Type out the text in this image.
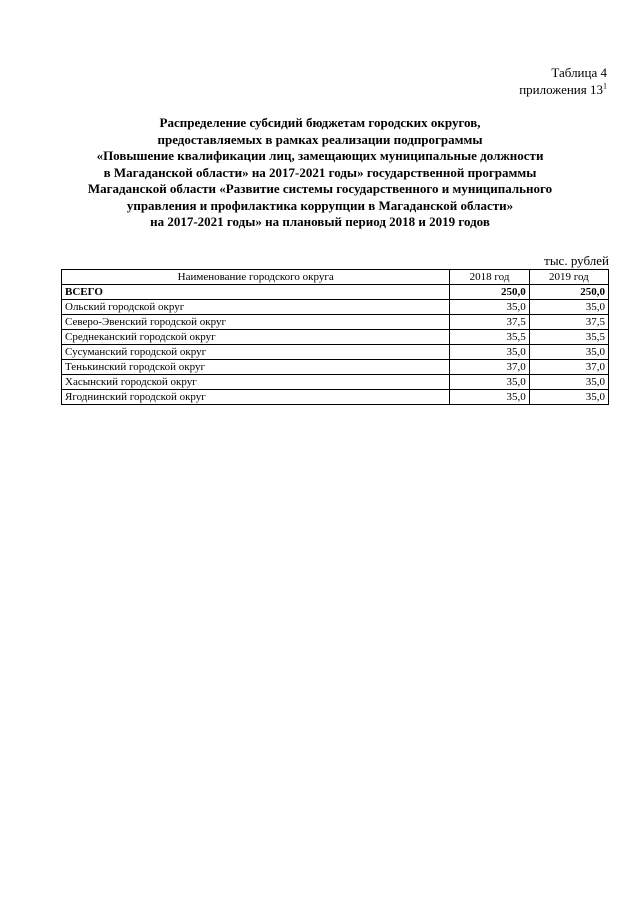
Таблица 4
приложения $13^1$
Распределение субсидий бюджетам городских округов,
предоставляемых в рамках реализации подпрограммы
«Повышение квалификации лиц, замещающих муниципальные должности
в Магаданской области» на 2017-2021 годы» государственной программы
Магаданской области «Развитие системы государственного и муниципального
управления и профилактика коррупции в Магаданской области»
на 2017-2021 годы» на плановый период 2018 и 2019 годов
тыс. рублей
Наименование городского округа	2018 год	2019 год
ВСЕГО	250,0	250,0
Ольский городской округ	35,0	35,0
Северо-Эвенский городской округ	37,5	37,5
Среднеканский городской округ	35,5	35,5
Сусуманский городской округ	35,0	35,0
Тенькинский городской округ	37,0	37,0
Хасынский городской округ	35,0	35,0
Ягоднинский городской округ	35,0	35,0
